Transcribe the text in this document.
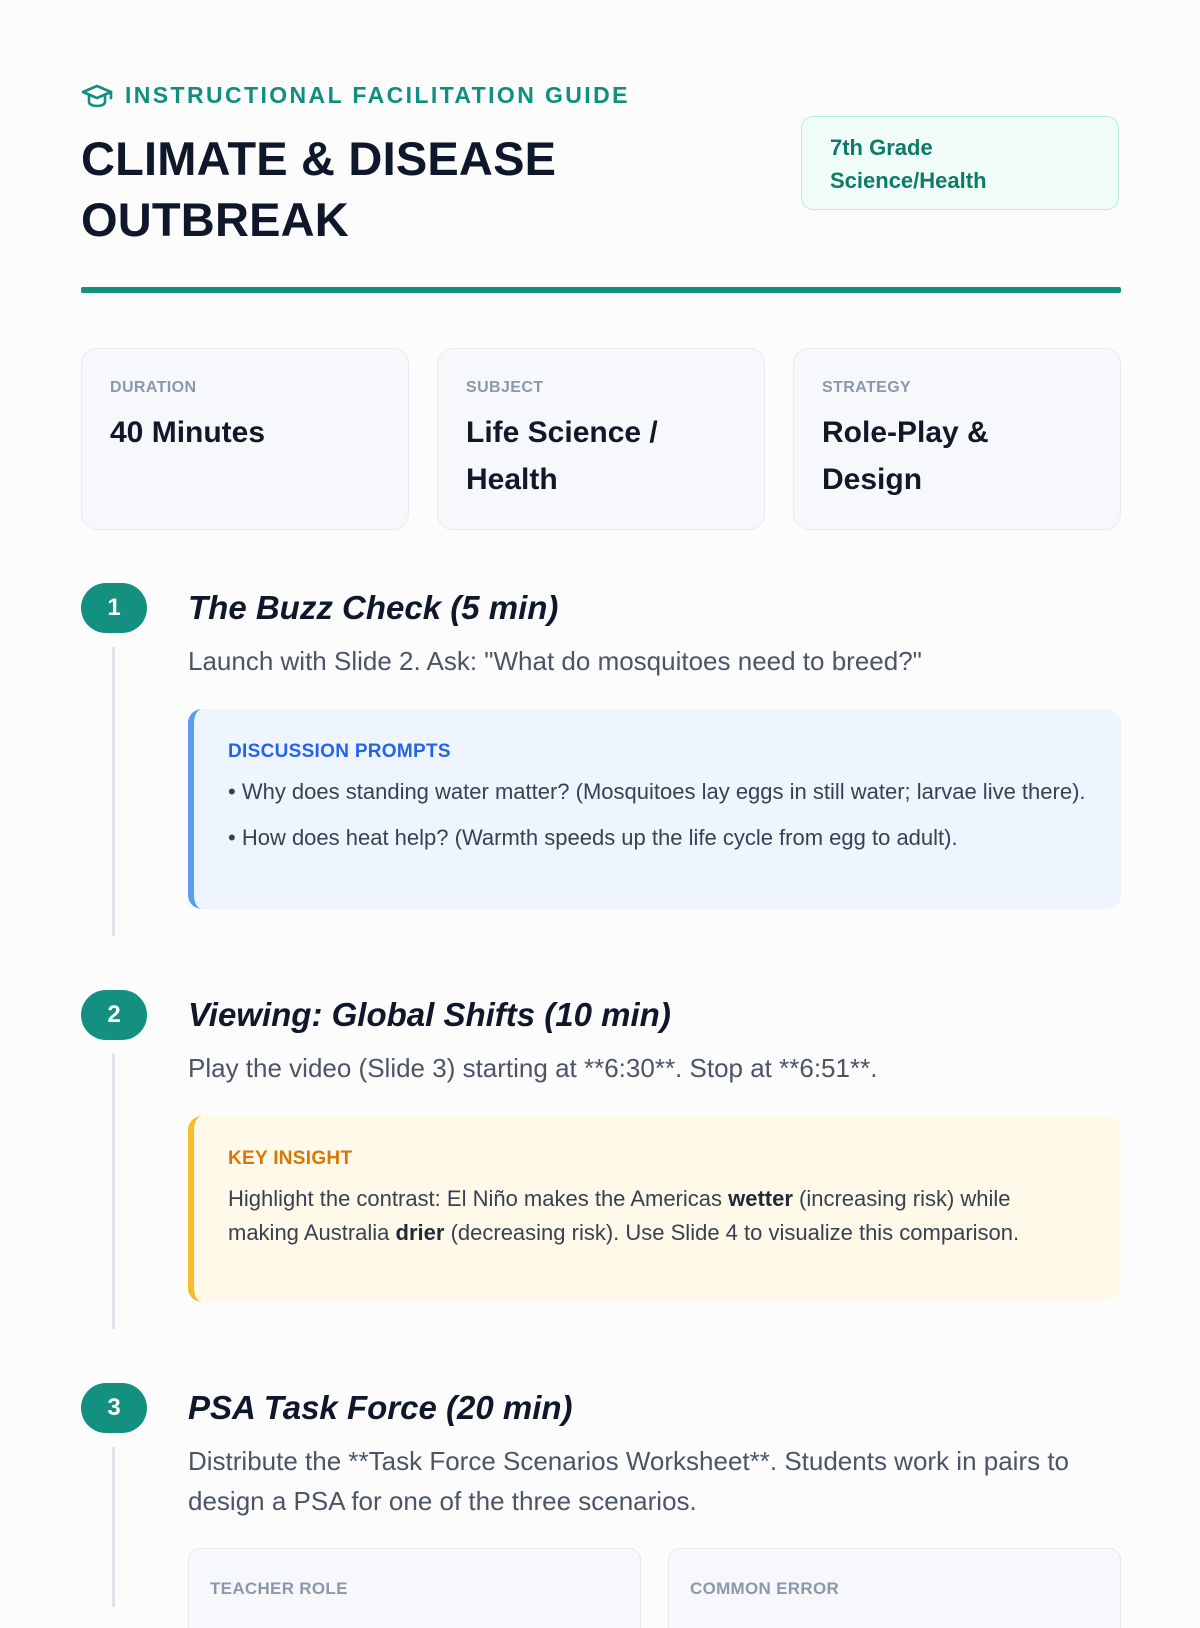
INSTRUCTIONAL FACILITATION GUIDE
CLIMATE & DISEASE OUTBREAK
7th Grade Science/Health
DURATION
40 Minutes
SUBJECT
Life Science / Health
STRATEGY
Role-Play & Design
1	The Buzz Check (5 min)
Launch with Slide 2. Ask: "What do mosquitoes need to breed?"
DISCUSSION PROMPTS
• Why does standing water matter? (Mosquitoes lay eggs in still water; larvae live there).
• How does heat help? (Warmth speeds up the life cycle from egg to adult).
2	Viewing: Global Shifts (10 min)
Play the video (Slide 3) starting at **6:30**. Stop at **6:51**.
KEY INSIGHT
Highlight the contrast: El Niño makes the Americas wetter (increasing risk) while making Australia drier (decreasing risk). Use Slide 4 to visualize this comparison.
3	PSA Task Force (20 min)
Distribute the **Task Force Scenarios Worksheet**. Students work in pairs to design a PSA for one of the three scenarios.
TEACHER ROLE	COMMON ERROR
